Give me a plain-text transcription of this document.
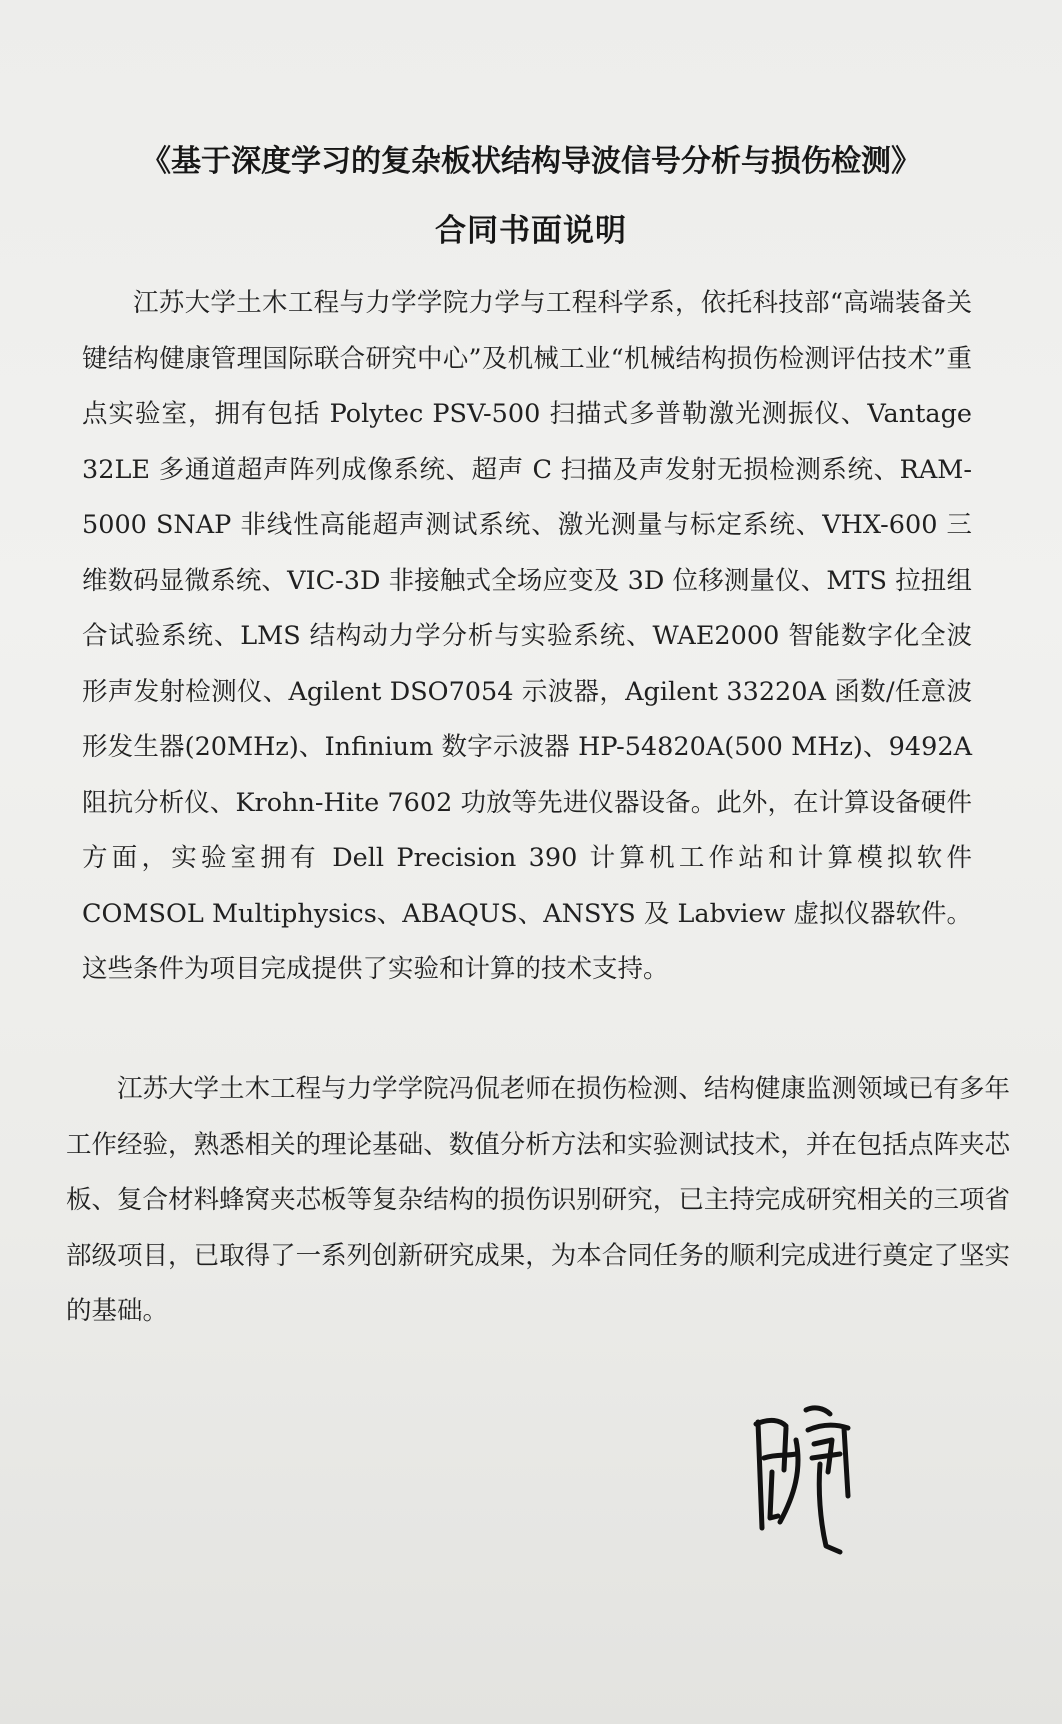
《基于深度学习的复杂板状结构导波信号分析与损伤检测》
合同书面说明

江苏大学土木工程与力学学院力学与工程科学系，依托科技部“高端装备关键结构健康管理国际联合研究中心”及机械工业“机械结构损伤检测评估技术”重点实验室，拥有包括 Polytec PSV-500 扫描式多普勒激光测振仪、Vantage 32LE 多通道超声阵列成像系统、超声 C 扫描及声发射无损检测系统、RAM-5000 SNAP 非线性高能超声测试系统、激光测量与标定系统、VHX-600 三维数码显微系统、VIC-3D 非接触式全场应变及 3D 位移测量仪、MTS 拉扭组合试验系统、LMS 结构动力学分析与实验系统、WAE2000 智能数字化全波形声发射检测仪、Agilent DSO7054 示波器，Agilent 33220A 函数/任意波形发生器(20MHz)、Infinium 数字示波器 HP-54820A(500 MHz)、9492A 阻抗分析仪、Krohn-Hite 7602 功放等先进仪器设备。此外，在计算设备硬件方面，实验室拥有 Dell Precision 390 计算机工作站和计算模拟软件 COMSOL Multiphysics、ABAQUS、ANSYS 及 Labview 虚拟仪器软件。这些条件为项目完成提供了实验和计算的技术支持。

江苏大学土木工程与力学学院冯侃老师在损伤检测、结构健康监测领域已有多年工作经验，熟悉相关的理论基础、数值分析方法和实验测试技术，并在包括点阵夹芯板、复合材料蜂窝夹芯板等复杂结构的损伤识别研究，已主持完成研究相关的三项省部级项目，已取得了一系列创新研究成果，为本合同任务的顺利完成进行奠定了坚实的基础。
